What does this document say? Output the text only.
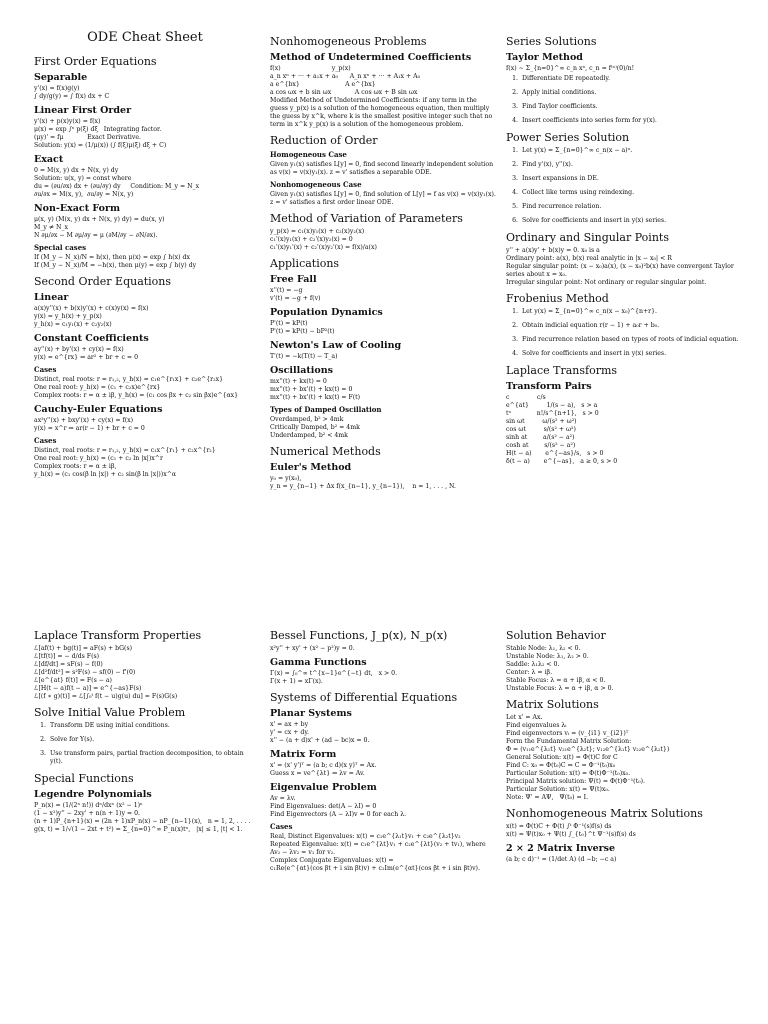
ODE Cheat Sheet
First Order Equations
Separable

y'(x) = f(x)g(y)

∫ dy/g(y) = ∫ f(x) dx + C

Linear First Order

y'(x) + p(x)y(x) = f(x)

μ(x) = exp ∫ˣ p(ξ) dξ   Integrating factor.

(μy)' = fμ            Exact Derivative.

Solution: y(x) = (1/μ(x)) (∫ f(ξ)μ(ξ) dξ + C)

Exact

0 = M(x, y) dx + N(x, y) dy

Solution: u(x, y) = const where

du = (∂u/∂x) dx + (∂u/∂y) dy     Condition: M_y = N_x

∂u/∂x = M(x, y),  ∂u/∂y = N(x, y)

Non-Exact Form

μ(x, y) (M(x, y) dx + N(x, y) dy) = du(x, y)

M_y ≠ N_x

N ∂μ/∂x − M ∂μ/∂y = μ (∂M/∂y − ∂N/∂x).

Special cases

If (M_y − N_x)/N = h(x), then μ(x) = exp ∫ h(x) dx

If (M_y − N_x)/M = −h(x), then μ(y) = exp ∫ h(y) dy

Second Order Equations
Linear

a(x)y''(x) + b(x)y'(x) + c(x)y(x) = f(x)

y(x) = y_h(x) + y_p(x)

y_h(x) = c₁y₁(x) + c₂y₂(x)

Constant Coefficients

ay''(x) + by'(x) + cy(x) = f(x)

y(x) = e^{rx} ⇒ ar² + br + c = 0

Cases

Distinct, real roots: r = r₁,₂, y_h(x) = c₁e^{r₁x} + c₂e^{r₂x}

One real root: y_h(x) = (c₁ + c₂x)e^{rx}

Complex roots: r = α ± iβ, y_h(x) = (c₁ cos βx + c₂ sin βx)e^{αx}

Cauchy-Euler Equations

ax²y''(x) + bxy'(x) + cy(x) = f(x)

y(x) = x^r ⇒ ar(r − 1) + br + c = 0

Cases

Distinct, real roots: r = r₁,₂, y_h(x) = c₁x^{r₁} + c₂x^{r₂}

One real root: y_h(x) = (c₁ + c₂ ln |x|)x^r

Complex roots: r = α ± iβ,

y_h(x) = (c₁ cos(β ln |x|) + c₂ sin(β ln |x|))x^α

Nonhomogeneous Problems
Method of Undetermined Coefficients

f(x)                          y_p(x)

a_n xⁿ + ··· + a₁x + a₀      A_n xⁿ + ··· + A₁x + A₀

a e^{bx}                       A e^{bx}

a cos ωx + b sin ωx            A cos ωx + B sin ωx

Modified Method of Undetermined Coefficients: if any term in the guess y_p(x) is a solution of the homogeneous equation, then multiply the guess by x^k, where k is the smallest positive integer such that no term in x^k y_p(x) is a solution of the homogeneous problem.

Reduction of Order
Homogeneous Case

Given y₁(x) satisfies L[y] = 0, find second linearly independent solution as v(x) = v(x)y₁(x). z = v' satisfies a separable ODE.

Nonhomogeneous Case

Given y₁(x) satisfies L[y] = 0, find solution of L[y] = f as v(x) = v(x)y₁(x). z = v' satisfies a first order linear ODE.

Method of Variation of Parameters

y_p(x) = c₁(x)y₁(x) + c₂(x)y₂(x)

c₁'(x)y₁(x) + c₂'(x)y₂(x) = 0

c₁'(x)y₁'(x) + c₂'(x)y₂'(x) = f(x)/a(x)

Applications
Free Fall

x''(t) = −g

v'(t) = −g + f(v)

Population Dynamics

P'(t) = kP(t)

P'(t) = kP(t) − bP²(t)

Newton's Law of Cooling

T'(t) = −k(T(t) − T_a)

Oscillations

mx''(t) + kx(t) = 0

mx''(t) + bx'(t) + kx(t) = 0

mx''(t) + bx'(t) + kx(t) = F(t)

Types of Damped Oscillation

Overdamped, b² > 4mk

Critically Damped, b² = 4mk

Underdamped, b² < 4mk

Numerical Methods
Euler's Method

y₀ = y(x₀),

y_n = y_{n−1} + Δx f(x_{n−1}, y_{n−1}),    n = 1, . . . , N.

Series Solutions
Taylor Method

f(x) ∼ Σ_{n=0}^∞ c_n xⁿ, c_n = f⁽ⁿ⁾(0)/n!

1. Differentiate DE repeatedly.
2. Apply initial conditions.
3. Find Taylor coefficients.
4. Insert coefficients into series form for y(x).
Power Series Solution
1. Let y(x) = Σ_{n=0}^∞ c_n(x − a)ⁿ.
2. Find y'(x), y''(x).
3. Insert expansions in DE.
4. Collect like terms using reindexing.
5. Find recurrence relation.
6. Solve for coefficients and insert in y(x) series.
Ordinary and Singular Points

y'' + a(x)y' + b(x)y = 0. x₀ is a

Ordinary point: a(x), b(x) real analytic in |x − x₀| < R

Regular singular point: (x − x₀)a(x), (x − x₀)²b(x) have convergent Taylor series about x = x₀.

Irregular singular point: Not ordinary or regular singular point.

Frobenius Method
1. Let y(x) = Σ_{n=0}^∞ c_n(x − x₀)^{n+r}.
2. Obtain indicial equation r(r − 1) + a₀r + b₀.
3. Find recurrence relation based on types of roots of indicial equation.
4. Solve for coefficients and insert in y(x) series.
Laplace Transforms
Transform Pairs

c              c/s

e^{at}         1/(s − a),   s > a

tⁿ             n!/s^{n+1},   s > 0

sin ωt         ω/(s² + ω²)

cos ωt         s/(s² + ω²)

sinh at        a/(s² − a²)

cosh at        s/(s² − a²)

H(t − a)       e^{−as}/s,   s > 0

δ(t − a)       e^{−as},   a ≥ 0, s > 0

Laplace Transform Properties

ℒ[af(t) + bg(t)] = aF(s) + bG(s)

ℒ[tf(t)] = − d/ds F(s)

ℒ[df/dt] = sF(s) − f(0)

ℒ[d²f/dt²] = s²F(s) − sf(0) − f'(0)

ℒ[e^{at} f(t)] = F(s − a)

ℒ[H(t − a)f(t − a)] = e^{−as}F(s)

ℒ[(f ∗ g)(t)] = ℒ[∫₀ᵗ f(t − u)g(u) du] = F(s)G(s)

Solve Initial Value Problem
1. Transform DE using initial conditions.
2. Solve for Y(s).
3. Use transform pairs, partial fraction decomposition, to obtain y(t).
Special Functions
Legendre Polynomials

P_n(x) = (1/(2ⁿ n!)) dⁿ/dxⁿ (x² − 1)ⁿ

(1 − x²)y'' − 2xy' + n(n + 1)y = 0.

(n + 1)P_{n+1}(x) = (2n + 1)xP_n(x) − nP_{n−1}(x),   n = 1, 2, . . . .

g(x, t) = 1/√(1 − 2xt + t²) = Σ_{n=0}^∞ P_n(x)tⁿ,   |x| ≤ 1, |t| < 1.

Bessel Functions, J_p(x), N_p(x)

x²y'' + xy' + (x² − p²)y = 0.

Gamma Functions

Γ(x) = ∫₀^∞ t^{x−1}e^{−t} dt,   x > 0.

Γ(x + 1) = xΓ(x).

Systems of Differential Equations
Planar Systems

x' = ax + by

y' = cx + dy.

x'' − (a + d)x' + (ad − bc)x = 0.

Matrix Form

x' = (x' y')ᵀ = (a b; c d)(x y)ᵀ = Ax.

Guess x = ve^{λt} ⇒ λv = Av.

Eigenvalue Problem

Av = λv.

Find Eigenvalues: det(A − λI) = 0

Find Eigenvectors (A − λI)v = 0 for each λ.

Cases

Real, Distinct Eigenvalues: x(t) = c₁e^{λ₁t}v₁ + c₂e^{λ₂t}v₂

Repeated Eigenvalue: x(t) = c₁e^{λt}v₁ + c₂e^{λt}(v₂ + tv₁), where Av₂ − λv₂ = v₁ for v₂.

Complex Conjugate Eigenvalues: x(t) =

c₁Re(e^{αt}(cos βt + i sin βt)v) + c₂Im(e^{αt}(cos βt + i sin βt)v).

Solution Behavior

Stable Node: λ₁, λ₂ < 0.

Unstable Node: λ₁, λ₂ > 0.

Saddle: λ₁λ₂ < 0.

Center: λ = iβ.

Stable Focus: λ = α + iβ, α < 0.

Unstable Focus: λ = α + iβ, α > 0.

Matrix Solutions

Let x' = Ax.

Find eigenvalues λᵢ

Find eigenvectors vᵢ = (v_{i1} v_{i2})ᵀ

Form the Fundamental Matrix Solution:

Φ = (v₁₁e^{λ₁t} v₂₁e^{λ₂t}; v₁₂e^{λ₁t} v₂₂e^{λ₂t})

General Solution: x(t) = Φ(t)C for C

Find C: x₀ = Φ(t₀)C ⇒ C = Φ⁻¹(t₀)x₀

Particular Solution: x(t) = Φ(t)Φ⁻¹(t₀)x₀.

Principal Matrix solution: Ψ(t) = Φ(t)Φ⁻¹(t₀).

Particular Solution: x(t) = Ψ(t)x₀.

Note: Ψ' = AΨ,   Ψ(t₀) = I.

Nonhomogeneous Matrix Solutions

x(t) = Φ(t)C + Φ(t) ∫ᵗ Φ⁻¹(s)f(s) ds

x(t) = Ψ(t)x₀ + Ψ(t) ∫_{t₀}^t Ψ⁻¹(s)f(s) ds

2 × 2 Matrix Inverse

(a b; c d)⁻¹ = (1/det A) (d −b; −c a)
